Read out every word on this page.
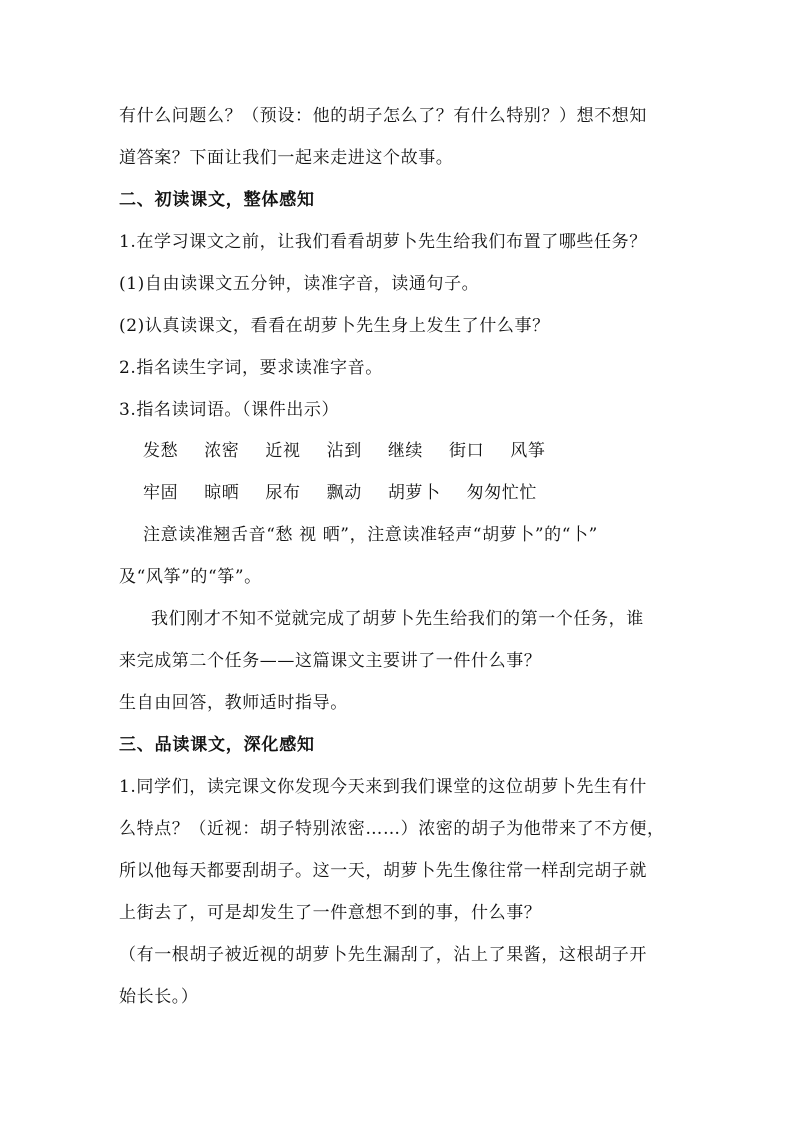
有什么问题么？（预设：他的胡子怎么了？有什么特别？）想不想知
道答案？下面让我们一起来走进这个故事。
二、初读课文，整体感知
1.在学习课文之前，让我们看看胡萝卜先生给我们布置了哪些任务？
(1)自由读课文五分钟，读准字音，读通句子。
(2)认真读课文，看看在胡萝卜先生身上发生了什么事？
2.指名读生字词，要求读准字音。
3.指名读词语。（课件出示）
发愁 浓密 近视 沾到 继续 街口 风筝
牢固 晾晒 尿布 飘动 胡萝卜 匆匆忙忙
注意读准翘舌音“愁 视 晒”，注意读准轻声“胡萝卜”的“卜”
及“风筝”的“筝”。
我们刚才不知不觉就完成了胡萝卜先生给我们的第一个任务，谁
来完成第二个任务——这篇课文主要讲了一件什么事？
生自由回答，教师适时指导。
三、品读课文，深化感知
1.同学们，读完课文你发现今天来到我们课堂的这位胡萝卜先生有什
么特点？（近视：胡子特别浓密……）浓密的胡子为他带来了不方便，
所以他每天都要刮胡子。这一天，胡萝卜先生像往常一样刮完胡子就
上街去了，可是却发生了一件意想不到的事，什么事？
（有一根胡子被近视的胡萝卜先生漏刮了，沾上了果酱，这根胡子开
始长长。）
